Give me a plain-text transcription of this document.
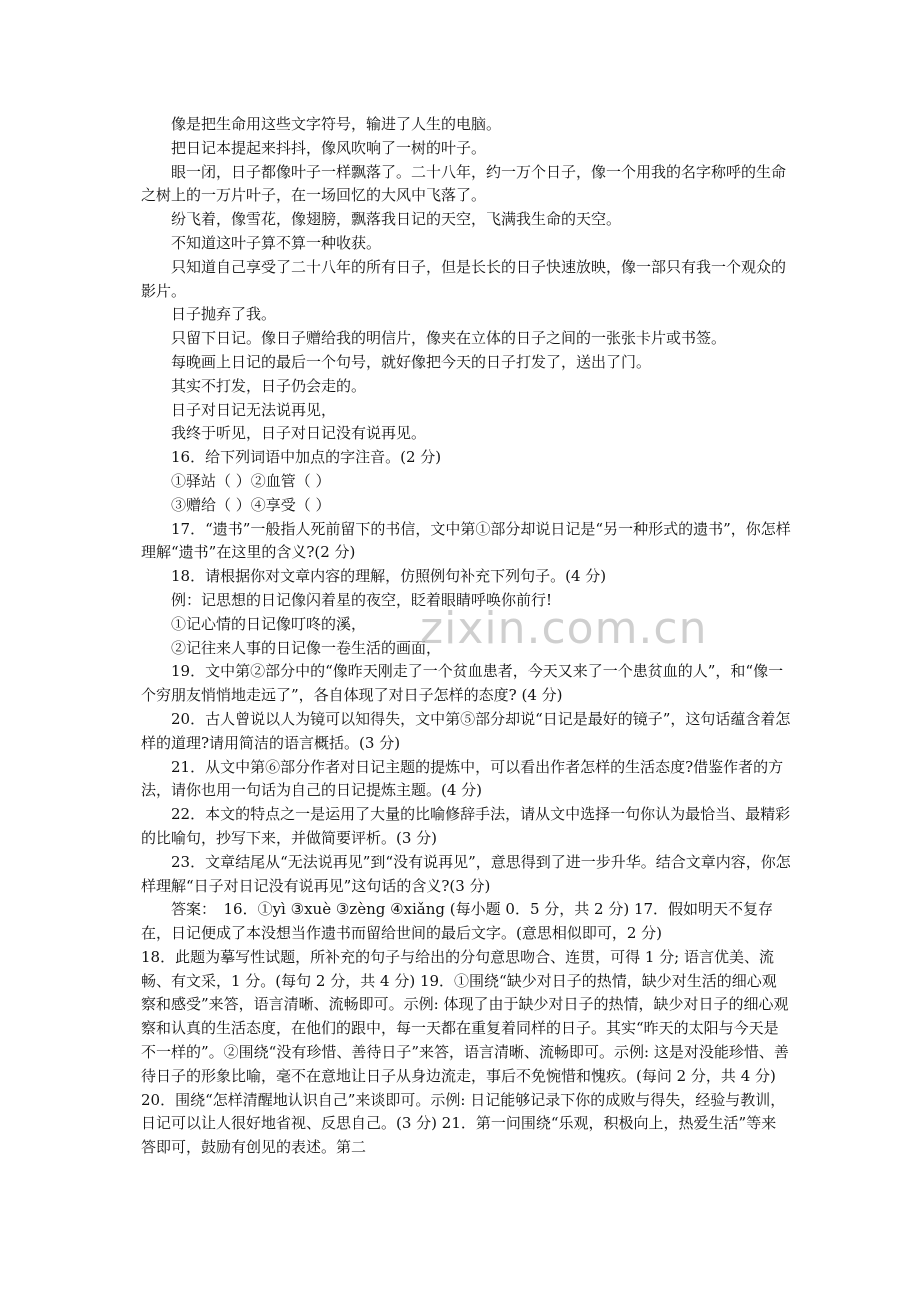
像是把生命用这些文字符号，输进了人生的电脑。

把日记本提起来抖抖，像风吹响了一树的叶子。

眼一闭，日子都像叶子一样飘落了。二十八年，约一万个日子，像一个用我的名字称呼的生命之树上的一万片叶子，在一场回忆的大风中飞落了。

纷飞着，像雪花，像翅膀，飘落我日记的天空，飞满我生命的天空。

不知道这叶子算不算一种收获。

只知道自己享受了二十八年的所有日子，但是长长的日子快速放映，像一部只有我一个观众的影片。

日子抛弃了我。

只留下日记。像日子赠给我的明信片，像夹在立体的日子之间的一张张卡片或书签。

每晚画上日记的最后一个句号，就好像把今天的日子打发了，送出了门。

其实不打发，日子仍会走的。

日子对日记无法说再见，

我终于听见，日子对日记没有说再见。

16．给下列词语中加点的字注音。(2 分)

①驿站（ ）②血管（ ）

③赠给（ ）④享受（ ）

17．“遗书”一般指人死前留下的书信，文中第①部分却说日记是“另一种形式的遗书”，你怎样理解“遗书”在这里的含义?(2 分)

18．请根据你对文章内容的理解，仿照例句补充下列句子。(4 分)

例：记思想的日记像闪着星的夜空，眨着眼睛呼唤你前行!

①记心情的日记像叮咚的溪，

②记往来人事的日记像一卷生活的画面，

19．文中第②部分中的“像昨天刚走了一个贫血患者，今天又来了一个患贫血的人”，和“像一个穷朋友悄悄地走远了”，各自体现了对日子怎样的态度? (4 分)

20．古人曾说以人为镜可以知得失，文中第⑤部分却说“日记是最好的镜子”，这句话蕴含着怎样的道理?请用简洁的语言概括。(3 分)

21．从文中第⑥部分作者对日记主题的提炼中，可以看出作者怎样的生活态度?借鉴作者的方法，请你也用一句话为自己的日记提炼主题。(4 分)

22．本文的特点之一是运用了大量的比喻修辞手法，请从文中选择一句你认为最恰当、最精彩的比喻句，抄写下来，并做简要评析。(3 分)

23．文章结尾从“无法说再见”到“没有说再见”，意思得到了进一步升华。结合文章内容，你怎样理解“日子对日记没有说再见”这句话的含义?(3 分)

答案：　16．①yì ③xuè ③zèng ④xiǎng (每小题 0．5 分，共 2 分) 17．假如明天不复存在，日记便成了本没想当作遗书而留给世间的最后文字。(意思相似即可，2 分)

18．此题为摹写性试题，所补充的句子与给出的分句意思吻合、连贯，可得 1 分; 语言优美、流畅、有文采，1 分。(每句 2 分，共 4 分) 19．①围绕“缺少对日子的热情，缺少对生活的细心观察和感受”来答，语言清晰、流畅即可。示例: 体现了由于缺少对日子的热情，缺少对日子的细心观察和认真的生活态度，在他们的跟中，每一天都在重复着同样的日子。其实“昨天的太阳与今天是不一样的”。②围绕“没有珍惜、善待日子”来答，语言清晰、流畅即可。示例: 这是对没能珍惜、善待日子的形象比喻，毫不在意地让日子从身边流走，事后不免惋惜和愧疚。(每问 2 分，共 4 分) 20．围绕“怎样清醒地认识自己”来谈即可。示例: 日记能够记录下你的成败与得失，经验与教训，日记可以让人很好地省视、反思自己。(3 分) 21．第一问围绕“乐观，积极向上，热爱生活”等来答即可，鼓励有创见的表述。第二

zixin.com.cn
